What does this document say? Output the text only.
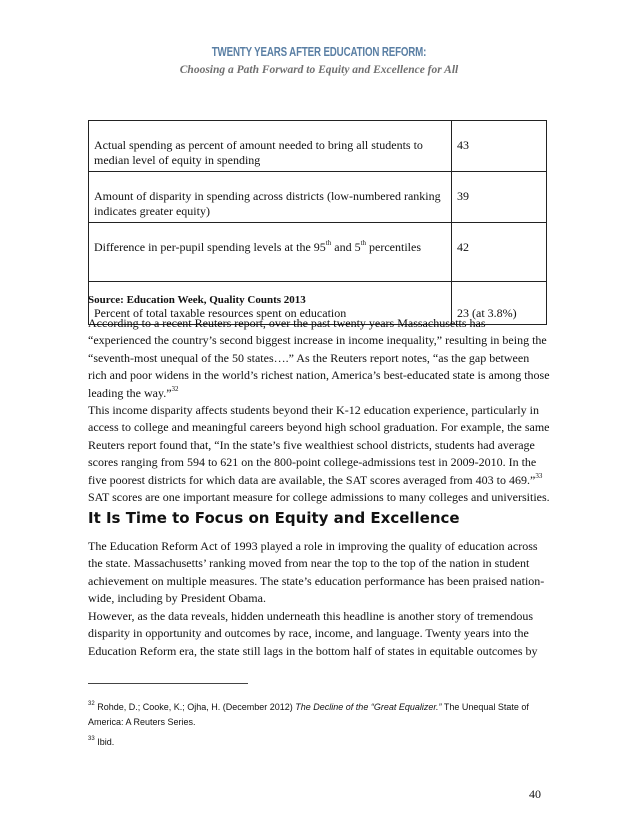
TWENTY YEARS AFTER EDUCATION REFORM:
Choosing a Path Forward to Equity and Excellence for All
Actual spending as percent of amount needed to bring all students to median level of equity in spending	43
Amount of disparity in spending across districts (low-numbered ranking indicates greater equity)	39
Difference in per-pupil spending levels at the 95th and 5th percentiles	42
Percent of total taxable resources spent on education	23 (at 3.8%)
Source: Education Week, Quality Counts 2013

According to a recent Reuters report, over the past twenty years Massachusetts has “experienced the country’s second biggest increase in income inequality,” resulting in being the “seventh-most unequal of the 50 states….” As the Reuters report notes, “as the gap between rich and poor widens in the world’s richest nation, America’s best-educated state is among those leading the way.”$^{32}$

This income disparity affects students beyond their K-12 education experience, particularly in access to college and meaningful careers beyond high school graduation. For example, the same Reuters report found that, “In the state’s five wealthiest school districts, students had average scores ranging from 594 to 621 on the 800-point college-admissions test in 2009-2010. In the five poorest districts for which data are available, the SAT scores averaged from 403 to 469.”$^{33}$ SAT scores are one important measure for college admissions to many colleges and universities.

It Is Time to Focus on Equity and Excellence

The Education Reform Act of 1993 played a role in improving the quality of education across the state. Massachusetts’ ranking moved from near the top to the top of the nation in student achievement on multiple measures. The state’s education performance has been praised nation-wide, including by President Obama.

However, as the data reveals, hidden underneath this headline is another story of tremendous disparity in opportunity and outcomes by race, income, and language. Twenty years into the Education Reform era, the state still lags in the bottom half of states in equitable outcomes by

$^{32}$ Rohde, D.; Cooke, K.; Ojha, H. (December 2012) The Decline of the “Great Equalizer.” The Unequal State of America: A Reuters Series.

$^{33}$ Ibid.

40
